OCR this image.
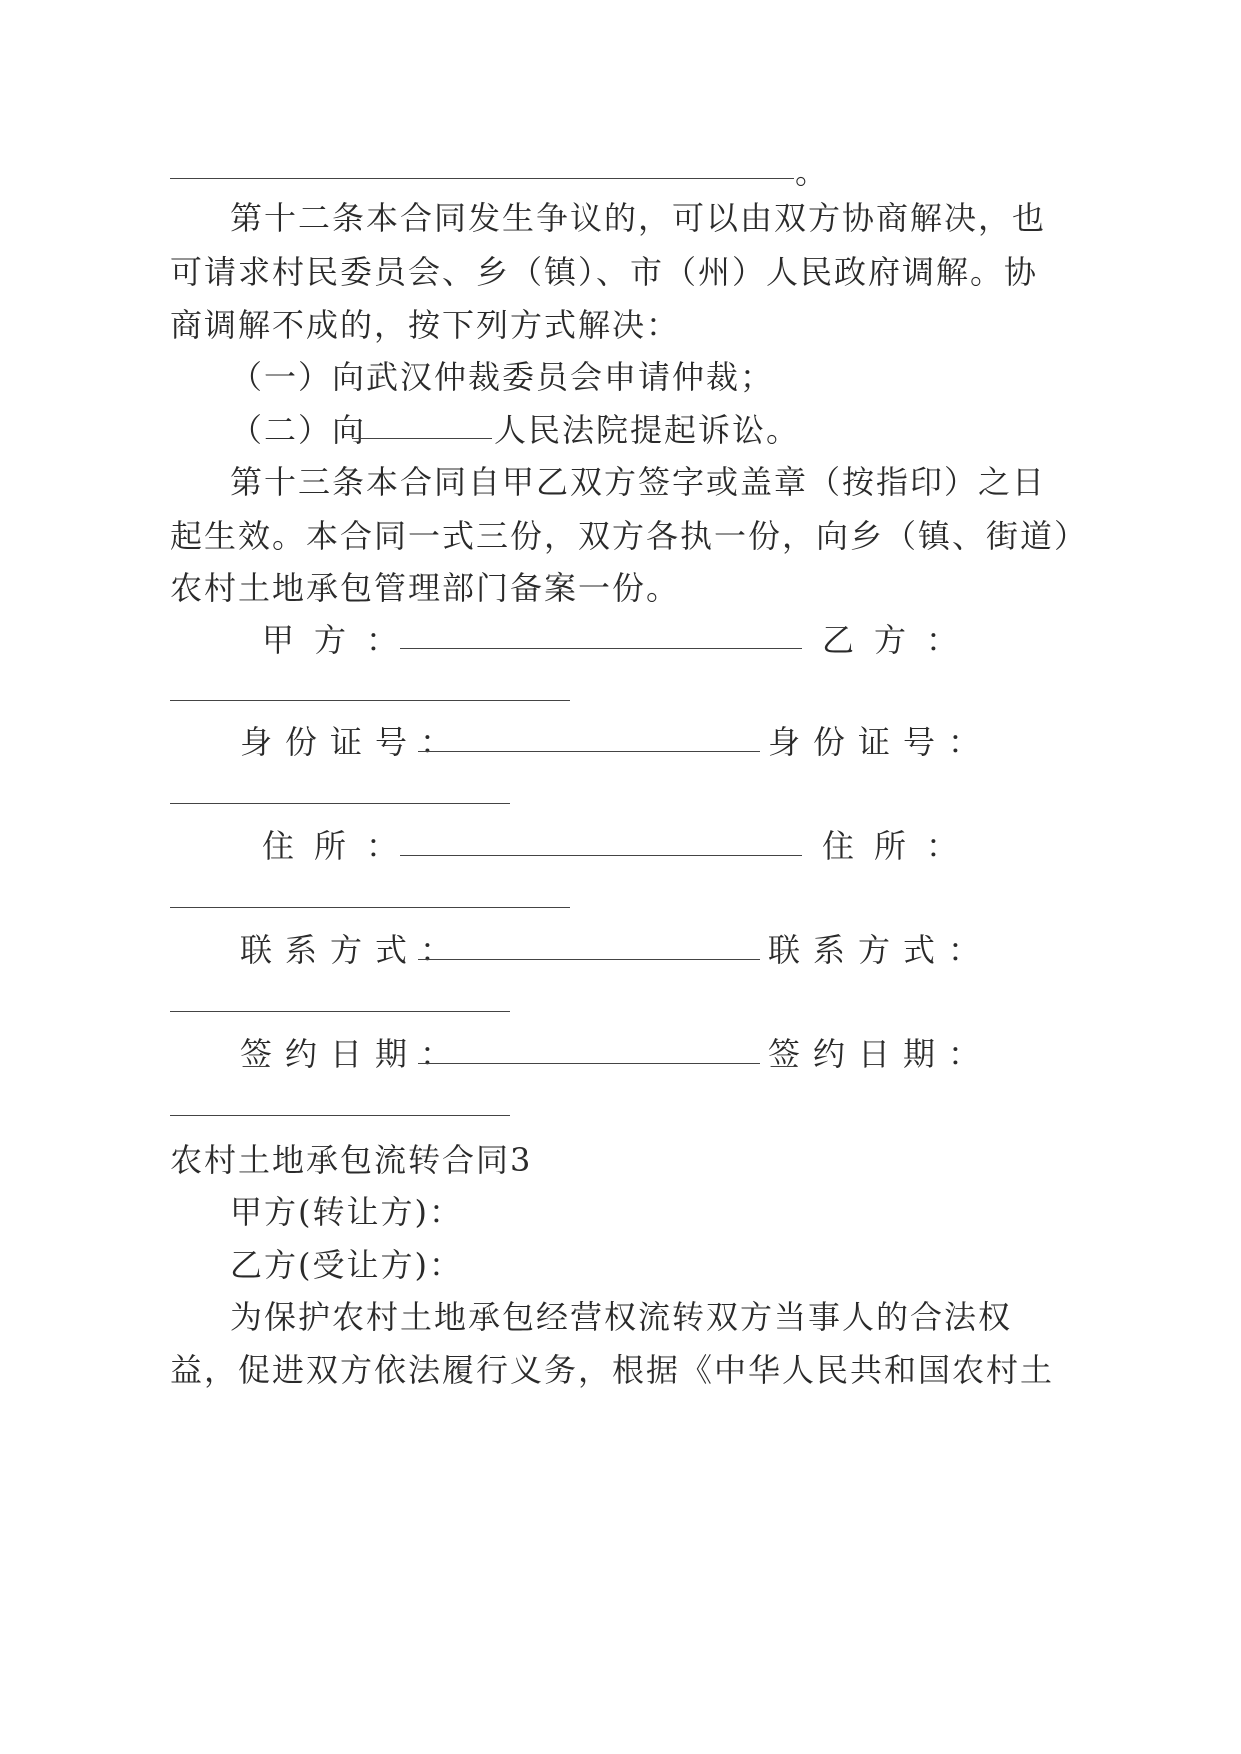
。
第十二条本合同发生争议的，可以由双方协商解决，也
可请求村民委员会、乡（镇）、市（州）人民政府调解。协
商调解不成的，按下列方式解决：
（一）向武汉仲裁委员会申请仲裁；
（二）向	人民法院提起诉讼。
第十三条本合同自甲乙双方签字或盖章（按指印）之日
起生效。本合同一式三份，双方各执一份，向乡（镇、街道）
农村土地承包管理部门备案一份。
甲方：	乙方：
身份证号：	身份证号：
住所：	住所：
联系方式：	联系方式：
签约日期：	签约日期：
农村土地承包流转合同3
甲方(转让方)：
乙方(受让方)：
为保护农村土地承包经营权流转双方当事人的合法权
益，促进双方依法履行义务，根据《中华人民共和国农村土
